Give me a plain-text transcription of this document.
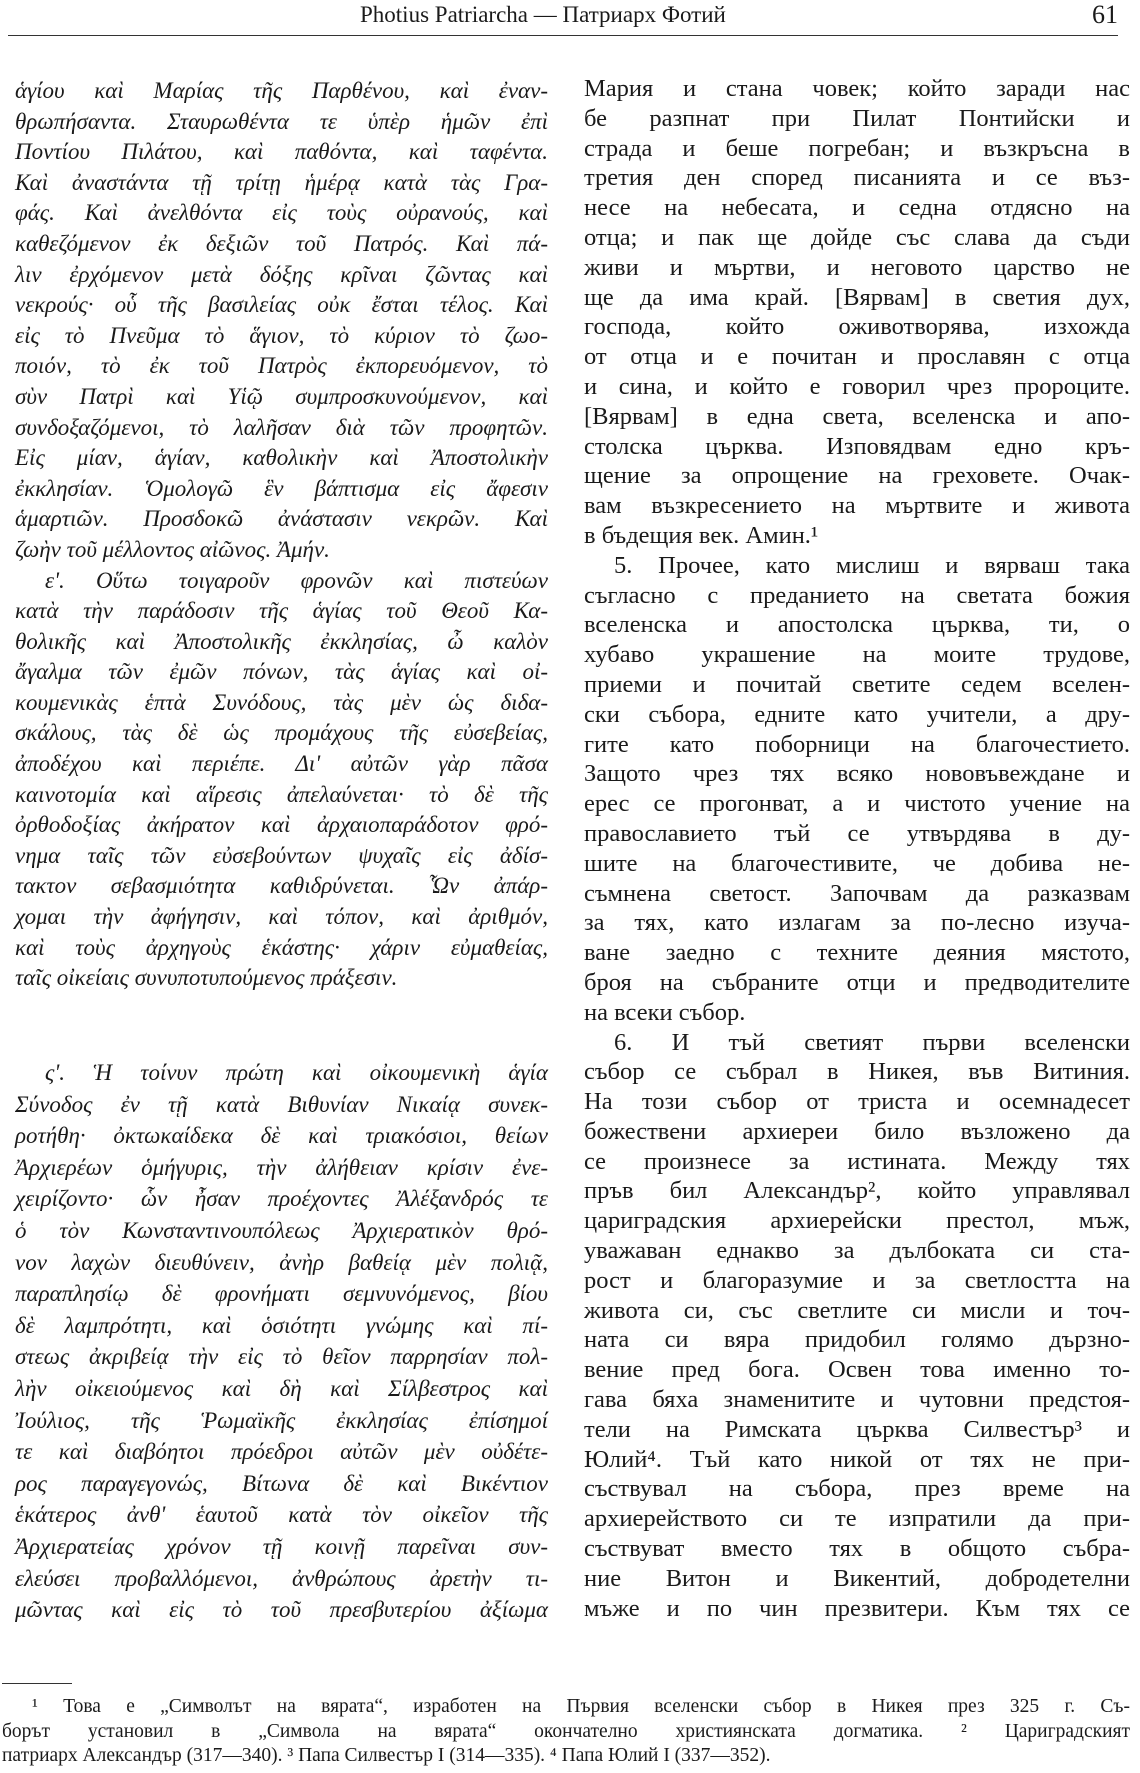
Photius Patriarcha — Патриарх Фотий	61
ἁγίου καὶ Μαρίας τῆς Παρθένου, καὶ ἐναν-
θρωπήσαντα. Σταυρωθέντα τε ὑπὲρ ἡμῶν ἐπὶ
Ποντίου Πιλάτου, καὶ παθόντα, καὶ ταφέντα.
Καὶ ἀναστάντα τῇ τρίτῃ ἡμέρᾳ κατὰ τὰς Γρα-
φάς. Καὶ ἀνελθόντα εἰς τοὺς οὐρανούς, καὶ
καθεζόμενον ἐκ δεξιῶν τοῦ Πατρός. Καὶ πά-
λιν ἐρχόμενον μετὰ δόξης κρῖναι ζῶντας καὶ
νεκρούς· οὗ τῆς βασιλείας οὐκ ἔσται τέλος. Καὶ
εἰς τὸ Πνεῦμα τὸ ἅγιον, τὸ κύριον τὸ ζωο-
ποιόν, τὸ ἐκ τοῦ Πατρὸς ἐκπορευόμενον, τὸ
σὺν Πατρὶ καὶ Υἱῷ συμπροσκυνούμενον, καὶ
συνδοξαζόμενοι, τὸ λαλῆσαν διὰ τῶν προφητῶν.
Εἰς μίαν, ἁγίαν, καθολικὴν καὶ Ἀποστολικὴν
ἐκκλησίαν. Ὁμολογῶ ἓν βάπτισμα εἰς ἄφεσιν
ἁμαρτιῶν. Προσδοκῶ ἀνάστασιν νεκρῶν. Καὶ
ζωὴν τοῦ μέλλοντος αἰῶνος. Ἀμήν.
ε'. Οὕτω τοιγαροῦν φρονῶν καὶ πιστεύων
κατὰ τὴν παράδοσιν τῆς ἁγίας τοῦ Θεοῦ Κα-
θολικῆς καὶ Ἀποστολικῆς ἐκκλησίας, ὦ καλὸν
ἄγαλμα τῶν ἐμῶν πόνων, τὰς ἁγίας καὶ οἰ-
κουμενικὰς ἑπτὰ Συνόδους, τὰς μὲν ὡς διδα-
σκάλους, τὰς δὲ ὡς προμάχους τῆς εὐσεβείας,
ἀποδέχου καὶ περιέπε. Δι' αὐτῶν γὰρ πᾶσα
καινοτομία καὶ αἵρεσις ἀπελαύνεται· τὸ δὲ τῆς
ὀρθοδοξίας ἀκήρατον καὶ ἀρχαιοπαράδοτον φρό-
νημα ταῖς τῶν εὐσεβούντων ψυχαῖς εἰς ἀδίσ-
τακτον σεβασμιότητα καθιδρύνεται. Ὧν ἀπάρ-
χομαι τὴν ἀφήγησιν, καὶ τόπον, καὶ ἀριθμόν,
καὶ τοὺς ἀρχηγοὺς ἑκάστης· χάριν εὐμαθείας,
ταῖς οἰκείαις συνυποτυπούμενος πράξεσιν.
ς'. Ἡ τοίνυν πρώτη καὶ οἰκουμενικὴ ἁγία
Σύνοδος ἐν τῇ κατὰ Βιθυνίαν Νικαίᾳ συνεκ-
ροτήθη· ὀκτωκαίδεκα δὲ καὶ τριακόσιοι, θείων
Ἀρχιερέων ὁμήγυρις, τὴν ἀλήθειαν κρίσιν ἐνε-
χειρίζοντο· ὧν ἦσαν προέχοντες Ἀλέξανδρός τε
ὁ τὸν Κωνσταντινουπόλεως Ἀρχιερατικὸν θρό-
νον λαχὼν διευθύνειν, ἀνὴρ βαθείᾳ μὲν πολιᾷ,
παραπλησίῳ δὲ φρονήματι σεμνυνόμενος, βίου
δὲ λαμπρότητι, καὶ ὁσιότητι γνώμης καὶ πί-
στεως ἀκριβείᾳ τὴν εἰς τὸ θεῖον παρρησίαν πολ-
λὴν οἰκειούμενος καὶ δὴ καὶ Σίλβεστρος καὶ
Ἰούλιος, τῆς Ῥωμαϊκῆς ἐκκλησίας ἐπίσημοί
τε καὶ διαβόητοι πρόεδροι αὐτῶν μὲν οὐδέτε-
ρος παραγεγονώς, Βίτωνα δὲ καὶ Βικέντιον
ἑκάτερος ἀνθ' ἑαυτοῦ κατὰ τὸν οἰκεῖον τῆς
Ἀρχιερατείας χρόνον τῇ κοινῇ παρεῖναι συν-
ελεύσει προβαλλόμενοι, ἀνθρώπους ἀρετὴν τι-
μῶντας καὶ εἰς τὸ τοῦ πρεσβυτερίου ἀξίωμα
Мария и стана човек; който заради нас
бе разпнат при Пилат Понтийски и
страда и беше погребан; и възкръсна в
третия ден според писанията и се въз-
несе на небесата, и седна отдясно на
отца; и пак ще дойде със слава да съди
живи и мъртви, и неговото царство не
ще да има край. [Вярвам] в светия дух,
господа, който оживотворява, изхожда
от отца и е почитан и прославян с отца
и сина, и който е говорил чрез пророците.
[Вярвам] в една света, вселенска и апо-
столска църква. Изповядвам едно кръ-
щение за опрощение на греховете. Очак-
вам възкресението на мъртвите и живота
в бъдещия век. Амин.¹
5. Прочее, като мислиш и вярваш така
съгласно с преданието на светата божия
вселенска и апостолска църква, ти, о
хубаво украшение на моите трудове,
приеми и почитай светите седем вселен-
ски събора, едните като учители, а дру-
гите като поборници на благочестието.
Защото чрез тях всяко нововъвеждане и
ерес се прогонват, а и чистото учение на
православието тъй се утвърдява в ду-
шите на благочестивите, че добива не-
съмнена светост. Започвам да разказвам
за тях, като излагам за по-лесно изуча-
ване заедно с техните деяния мястото,
броя на събраните отци и предводителите
на всеки събор.
6. И тъй светият първи вселенски
събор се събрал в Никея, във Витиния.
На този събор от триста и осемнадесет
божествени архиереи било възложено да
се произнесе за истината. Между тях
пръв бил Александър², който управлявал
цариградския архиерейски престол, мъж,
уважаван еднакво за дълбоката си ста-
рост и благоразумие и за светлостта на
живота си, със светлите си мисли и точ-
ната си вяра придобил голямо дързно-
вение пред бога. Освен това именно то-
гава бяха знаменитите и чутовни предстоя-
тели на Римската църква Силвестър³ и
Юлий⁴. Тъй като никой от тях не при-
съствувал на събора, през време на
архиерейството си те изпратили да при-
съствуват вместо тях в общото събра-
ние Витон и Викентий, добродетелни
мъже и по чин презвитери. Към тях се
¹ Това е „Символът на вярата“, изработен на Първия вселенски събор в Никея през 325 г. Съ-
борът установил в „Символа на вярата“ окончателно християнската догматика. ² Цариградският
патриарх Александър (317—340). ³ Папа Силвестър I (314—335). ⁴ Папа Юлий I (337—352).
